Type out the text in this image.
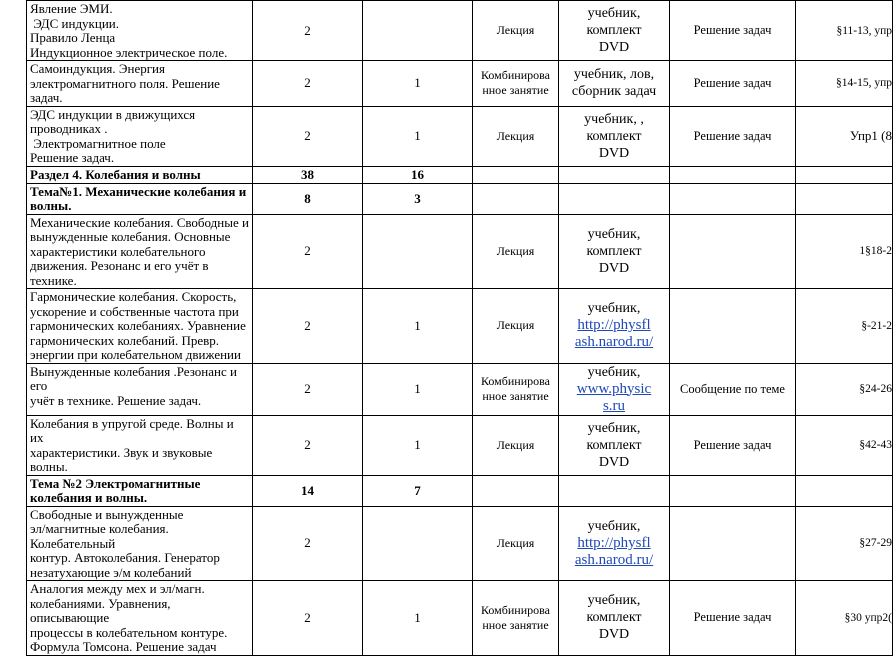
Явление ЭМИ.
ЭДС индукции.
Правило Ленца
Индукционное электрическое поле.	2		Лекция	учебник,
комплект
DVD	Решение задач	§11-13, упр

Самоиндукция. Энергия
электромагнитного поля. Решение задач.	2	1	Комбинирова нное занятие	учебник, лов,
сборник задач	Решение задач	§14-15, упр

ЭДС индукции в движущихся
проводниках .
Электромагнитное поле
Решение задач.	2	1	Лекция	учебник, ,
комплект
DVD	Решение задач	Упр1 (8

Раздел 4. Колебания и волны	38	16				

Тема№1. Механические колебания и
волны.	8	3				

Механические колебания. Свободные и
вынужденные колебания. Основные
характеристики колебательного
движения. Резонанс и его учёт в технике.	2		Лекция	учебник,
комплект
DVD		1§18-2

Гармонические колебания. Скорость,
ускорение и собственные частота при
гармонических колебаниях. Уравнение
гармонических колебаний. Превр.
энергии при колебательном движении	2	1	Лекция	учебник,
http://physfl
ash.narod.ru/		§-21-2

Вынужденные колебания .Резонанс и его
учёт в технике. Решение задач.	2	1	Комбинирова нное занятие	учебник,
www.physic
s.ru	Сообщение по теме	§24-26

Колебания в упругой среде. Волны и их
характеристики. Звук и звуковые волны.	2	1	Лекция	учебник,
комплект
DVD	Решение задач	§42-43

Тема №2 Электромагнитные
колебания и волны.	14	7				

Свободные и вынужденные
эл/магнитные колебания. Колебательный
контур. Автоколебания. Генератор
незатухающие э/м колебаний	2		Лекция	учебник,
http://physfl
ash.narod.ru/		§27-29

Аналогия между мех и эл/магн.
колебаниями. Уравнения, описывающие
процессы в колебательном контуре.
Формула Томсона. Решение задач	2	1	Комбинирова нное занятие	учебник,
комплект
DVD	Решение задач	§30 упр2(
